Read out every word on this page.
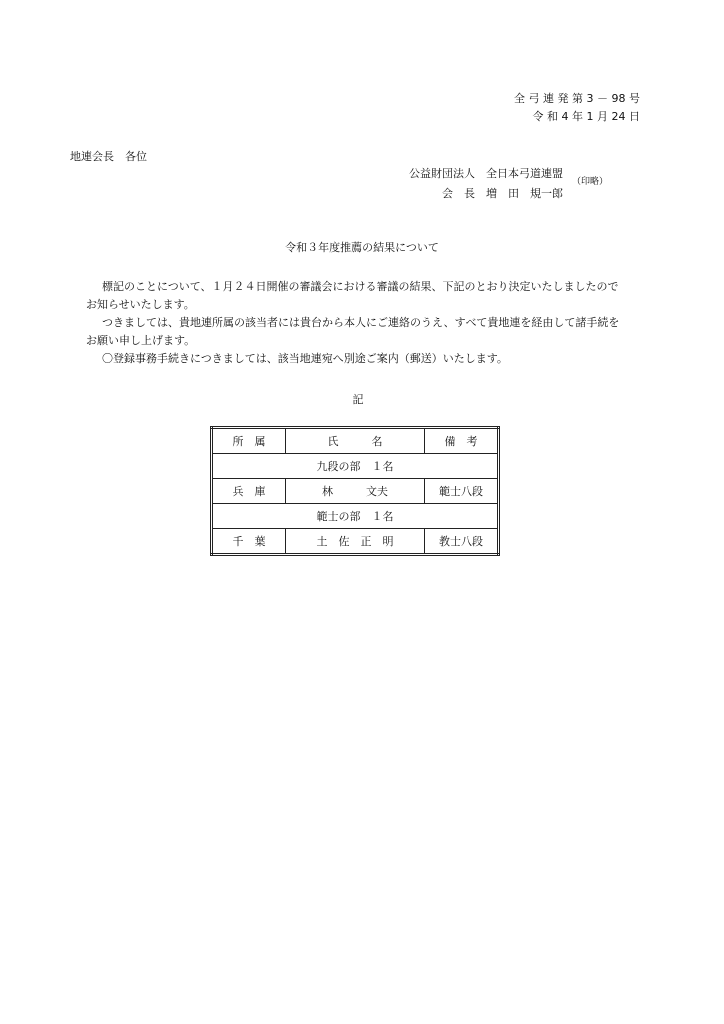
全 弓 連 発 第 3 － 98 号
令 和 4 年 1 月 24 日
地連会長　各位
公益財団法人　全日本弓道連盟
会　長　増　田　規一郎
（印略）
令和３年度推薦の結果について

標記のことについて、１月２４日開催の審議会における審議の結果、下記のとおり決定いたしましたので

お知らせいたします。

つきましては、貴地連所属の該当者には貴台から本人にご連絡のうえ、すべて貴地連を経由して諸手続を

お願い申し上げます。

〇登録事務手続きにつきましては、該当地連宛へ別途ご案内（郵送）いたします。

記
所　属	氏　　　名	備　考
九段の部　１名		
兵　庫	林　　　文夫	範士八段
範士の部　１名		
千　葉	土　佐　正　明	教士八段
